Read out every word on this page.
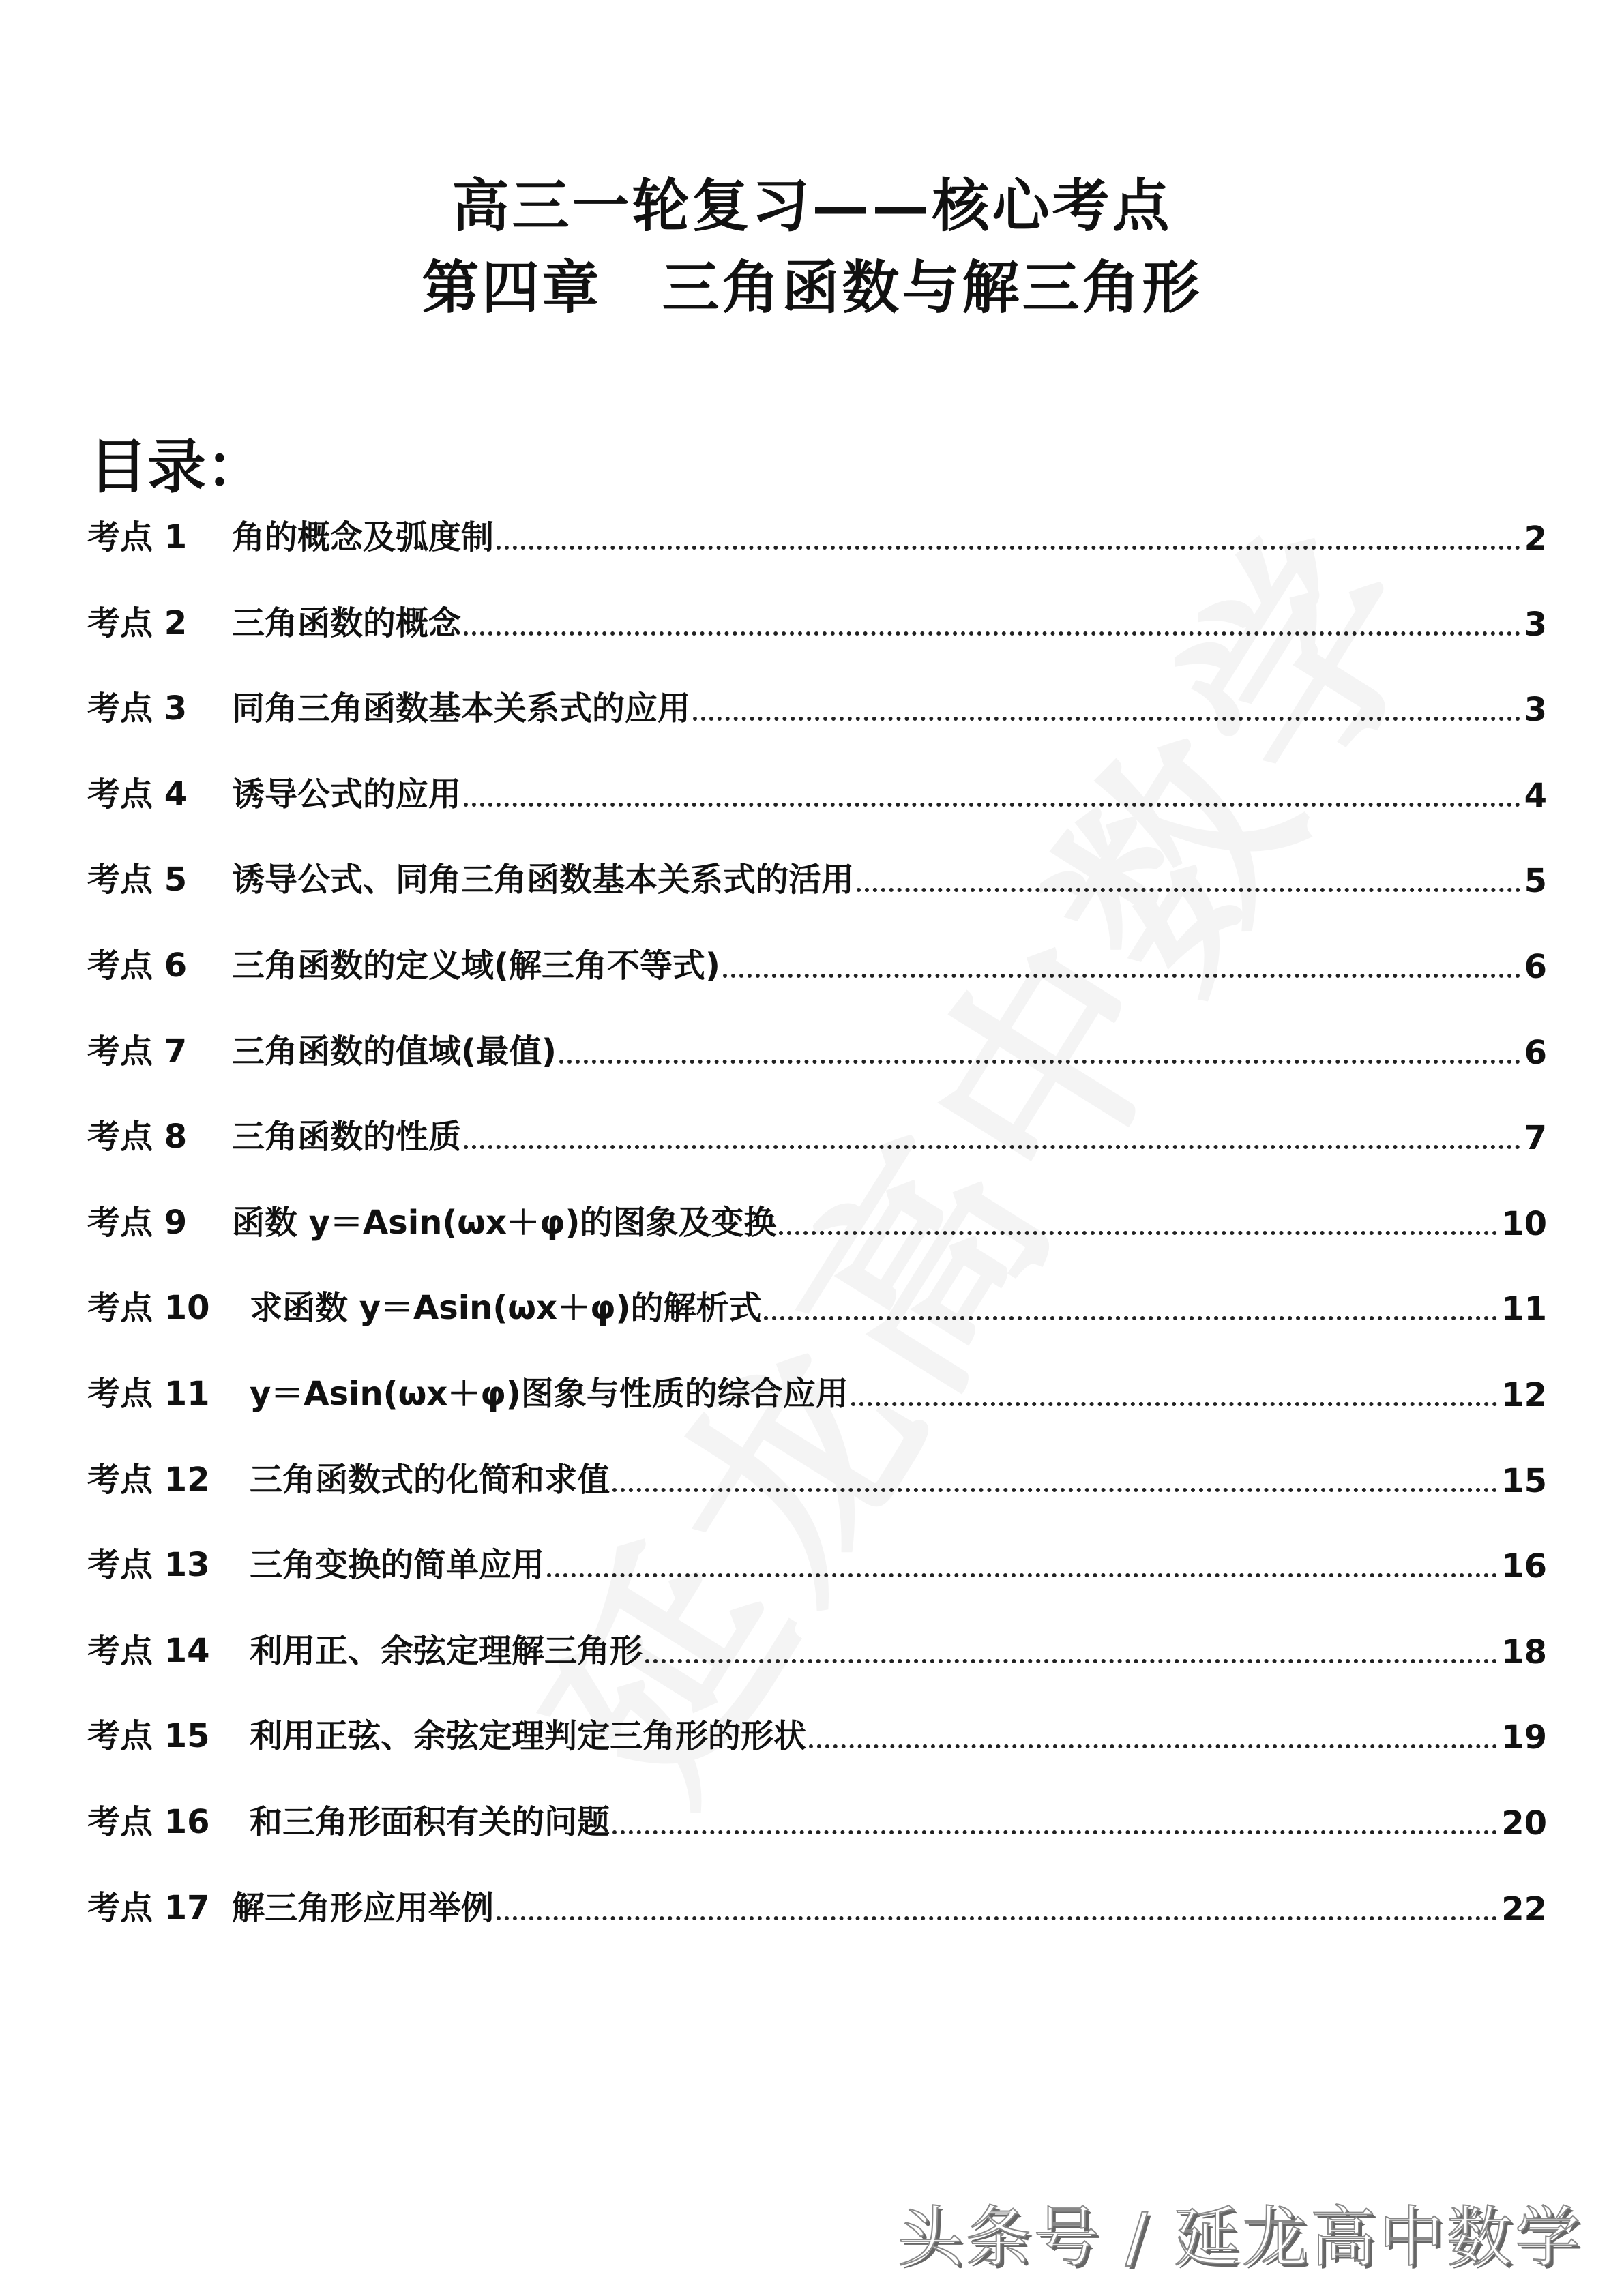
高三一轮复习——核心考点
第四章　三角函数与解三角形
目录：
考点 1	角的概念及弧度制	2
考点 2	三角函数的概念	3
考点 3	同角三角函数基本关系式的应用	3
考点 4	诱导公式的应用	4
考点 5	诱导公式、同角三角函数基本关系式的活用	5
考点 6	三角函数的定义域(解三角不等式)	6
考点 7	三角函数的值域(最值)	6
考点 8	三角函数的性质	7
考点 9	函数 y＝Asin(ωx＋φ)的图象及变换	10
考点 10	求函数 y＝Asin(ωx＋φ)的解析式	11
考点 11	y＝Asin(ωx＋φ)图象与性质的综合应用	12
考点 12	三角函数式的化简和求值	15
考点 13	三角变换的简单应用	16
考点 14	利用正、余弦定理解三角形	18
考点 15	利用正弦、余弦定理判定三角形的形状	19
考点 16	和三角形面积有关的问题	20
考点 17 解三角形应用举例	22
头条号 / 延龙高中数学
